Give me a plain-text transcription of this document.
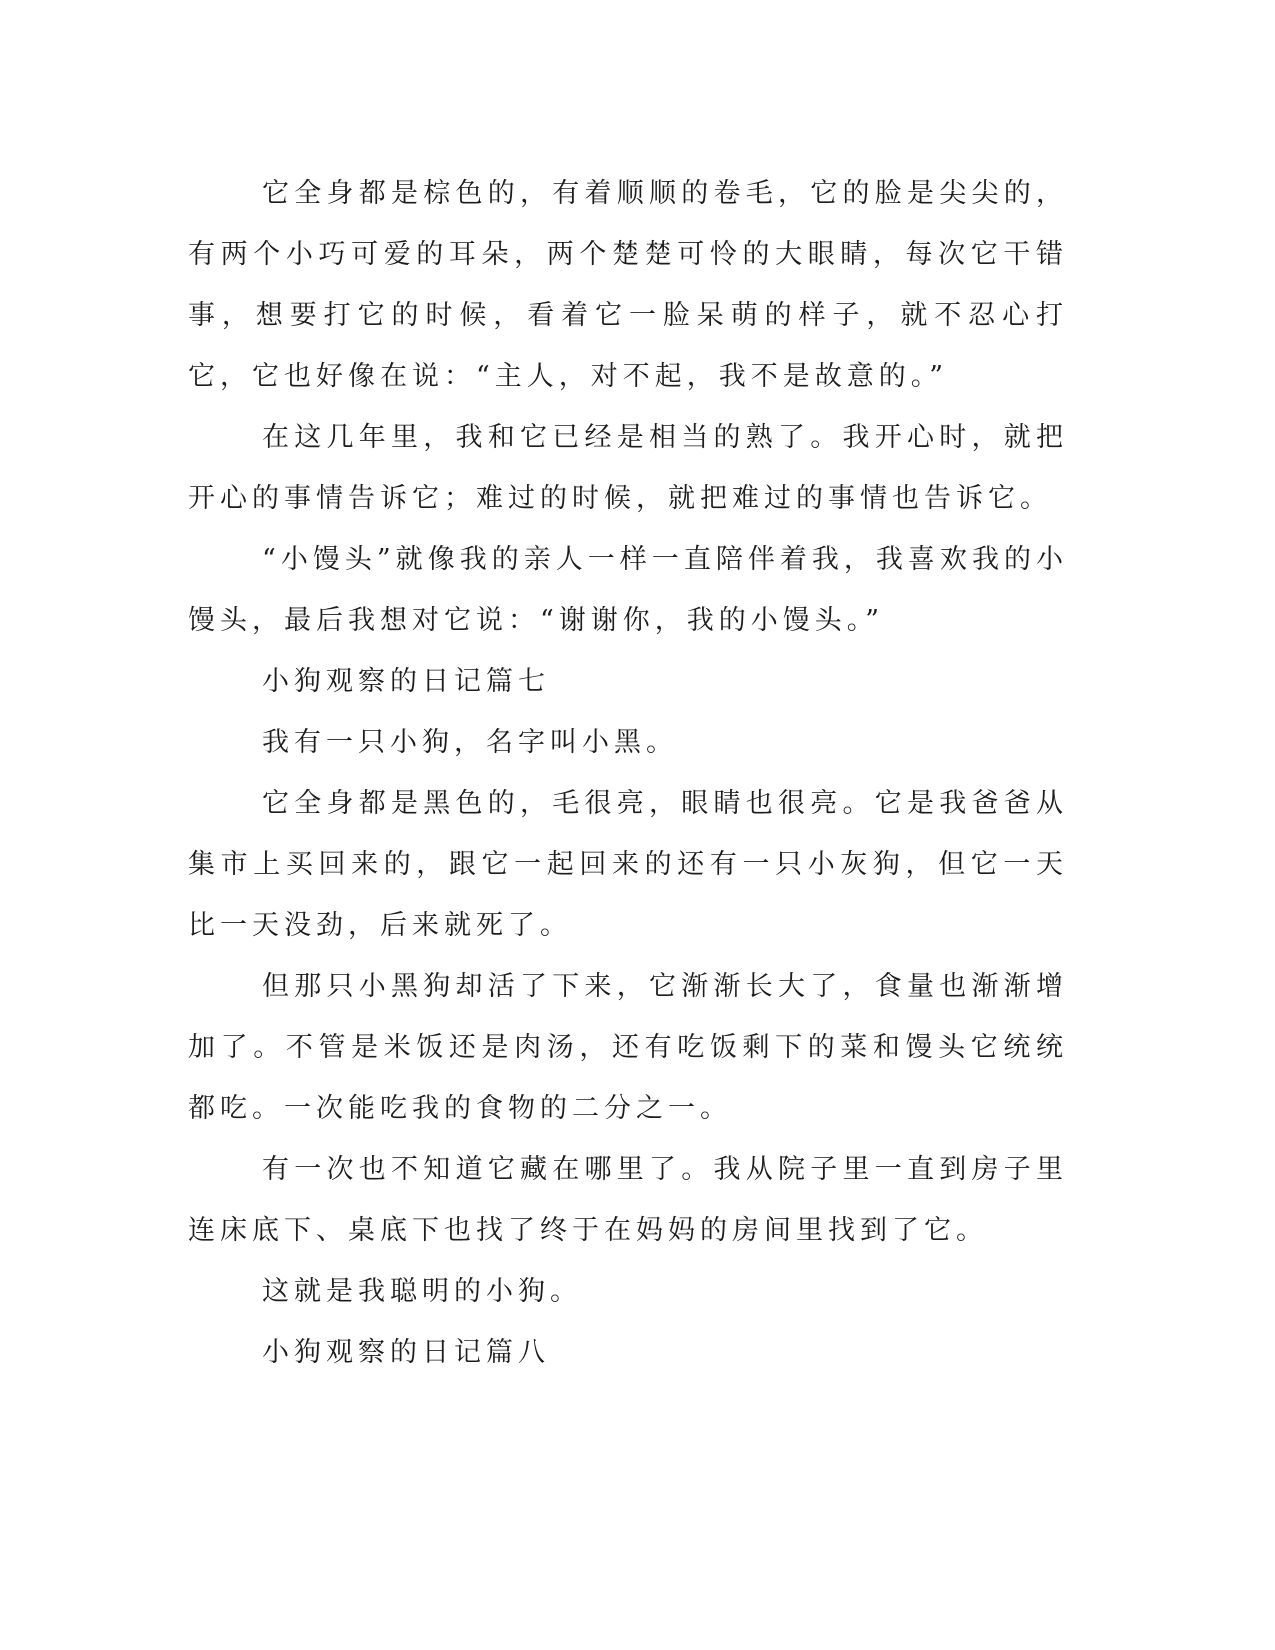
它全身都是棕色的，有着顺顺的卷毛，它的脸是尖尖的，有两个小巧可爱的耳朵，两个楚楚可怜的大眼睛，每次它干错事，想要打它的时候，看着它一脸呆萌的样子，就不忍心打它，它也好像在说：“主人，对不起，我不是故意的。”

在这几年里，我和它已经是相当的熟了。我开心时，就把开心的事情告诉它；难过的时候，就把难过的事情也告诉它。

“小馒头”就像我的亲人一样一直陪伴着我，我喜欢我的小馒头，最后我想对它说：“谢谢你，我的小馒头。”

小狗观察的日记篇七

我有一只小狗，名字叫小黑。

它全身都是黑色的，毛很亮，眼睛也很亮。它是我爸爸从集市上买回来的，跟它一起回来的还有一只小灰狗，但它一天比一天没劲，后来就死了。

但那只小黑狗却活了下来，它渐渐长大了，食量也渐渐增加了。不管是米饭还是肉汤，还有吃饭剩下的菜和馒头它统统都吃。一次能吃我的食物的二分之一。

有一次也不知道它藏在哪里了。我从院子里一直到房子里连床底下、桌底下也找了终于在妈妈的房间里找到了它。

这就是我聪明的小狗。

小狗观察的日记篇八
